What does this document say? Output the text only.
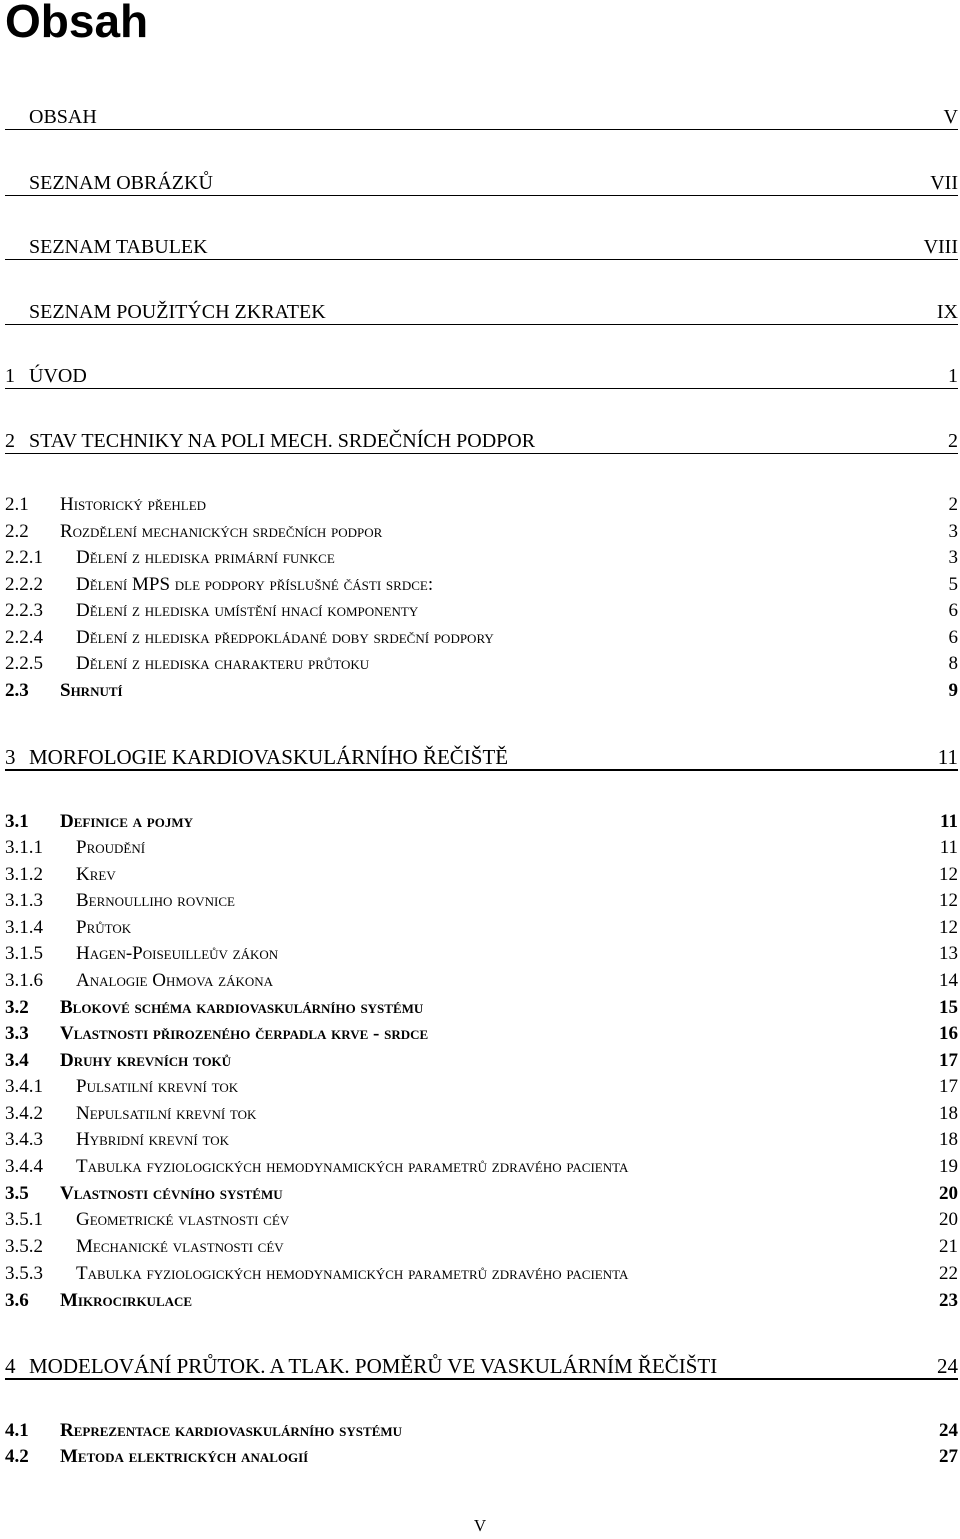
Obsah
OBSAH	V
SEZNAM OBRÁZKŮ	VII
SEZNAM TABULEK	VIII
SEZNAM POUŽITÝCH ZKRATEK	IX
1 ÚVOD	1
2 STAV TECHNIKY NA POLI MECH. SRDEČNÍCH PODPOR	2
2.1	Historický přehled	2
2.2	Rozdělení mechanických srdečních podpor	3
2.2.1	Dělení z hlediska primární funkce	3
2.2.2	Dělení MPS dle podpory příslušné části srdce:	5
2.2.3	Dělení z hlediska umístění hnací komponenty	6
2.2.4	Dělení z hlediska předpokládané doby srdeční podpory	6
2.2.5	Dělení z hlediska charakteru průtoku	8
2.3	Shrnutí	9
3 MORFOLOGIE KARDIOVASKULÁRNÍHO ŘEČIŠTĚ	11
3.1	Definice a pojmy	11
3.1.1	Proudění	11
3.1.2	Krev	12
3.1.3	Bernoulliho rovnice	12
3.1.4	Průtok	12
3.1.5	Hagen-Poiseuilleův zákon	13
3.1.6	Analogie Ohmova zákona	14
3.2	Blokové schéma kardiovaskulárního systému	15
3.3	Vlastnosti přirozeného čerpadla krve - srdce	16
3.4	Druhy krevních toků	17
3.4.1	Pulsatilní krevní tok	17
3.4.2	Nepulsatilní krevní tok	18
3.4.3	Hybridní krevní tok	18
3.4.4	Tabulka fyziologických hemodynamických parametrů zdravého pacienta	19
3.5	Vlastnosti cévního systému	20
3.5.1	Geometrické vlastnosti cév	20
3.5.2	Mechanické vlastnosti cév	21
3.5.3	Tabulka fyziologických hemodynamických parametrů zdravého pacienta	22
3.6	Mikrocirkulace	23
4 MODELOVÁNÍ PRŮTOK. A TLAK. POMĚRŮ VE VASKULÁRNÍM ŘEČIŠTI	24
4.1	Reprezentace kardiovaskulárního systému	24
4.2	Metoda elektrických analogií	27
V
